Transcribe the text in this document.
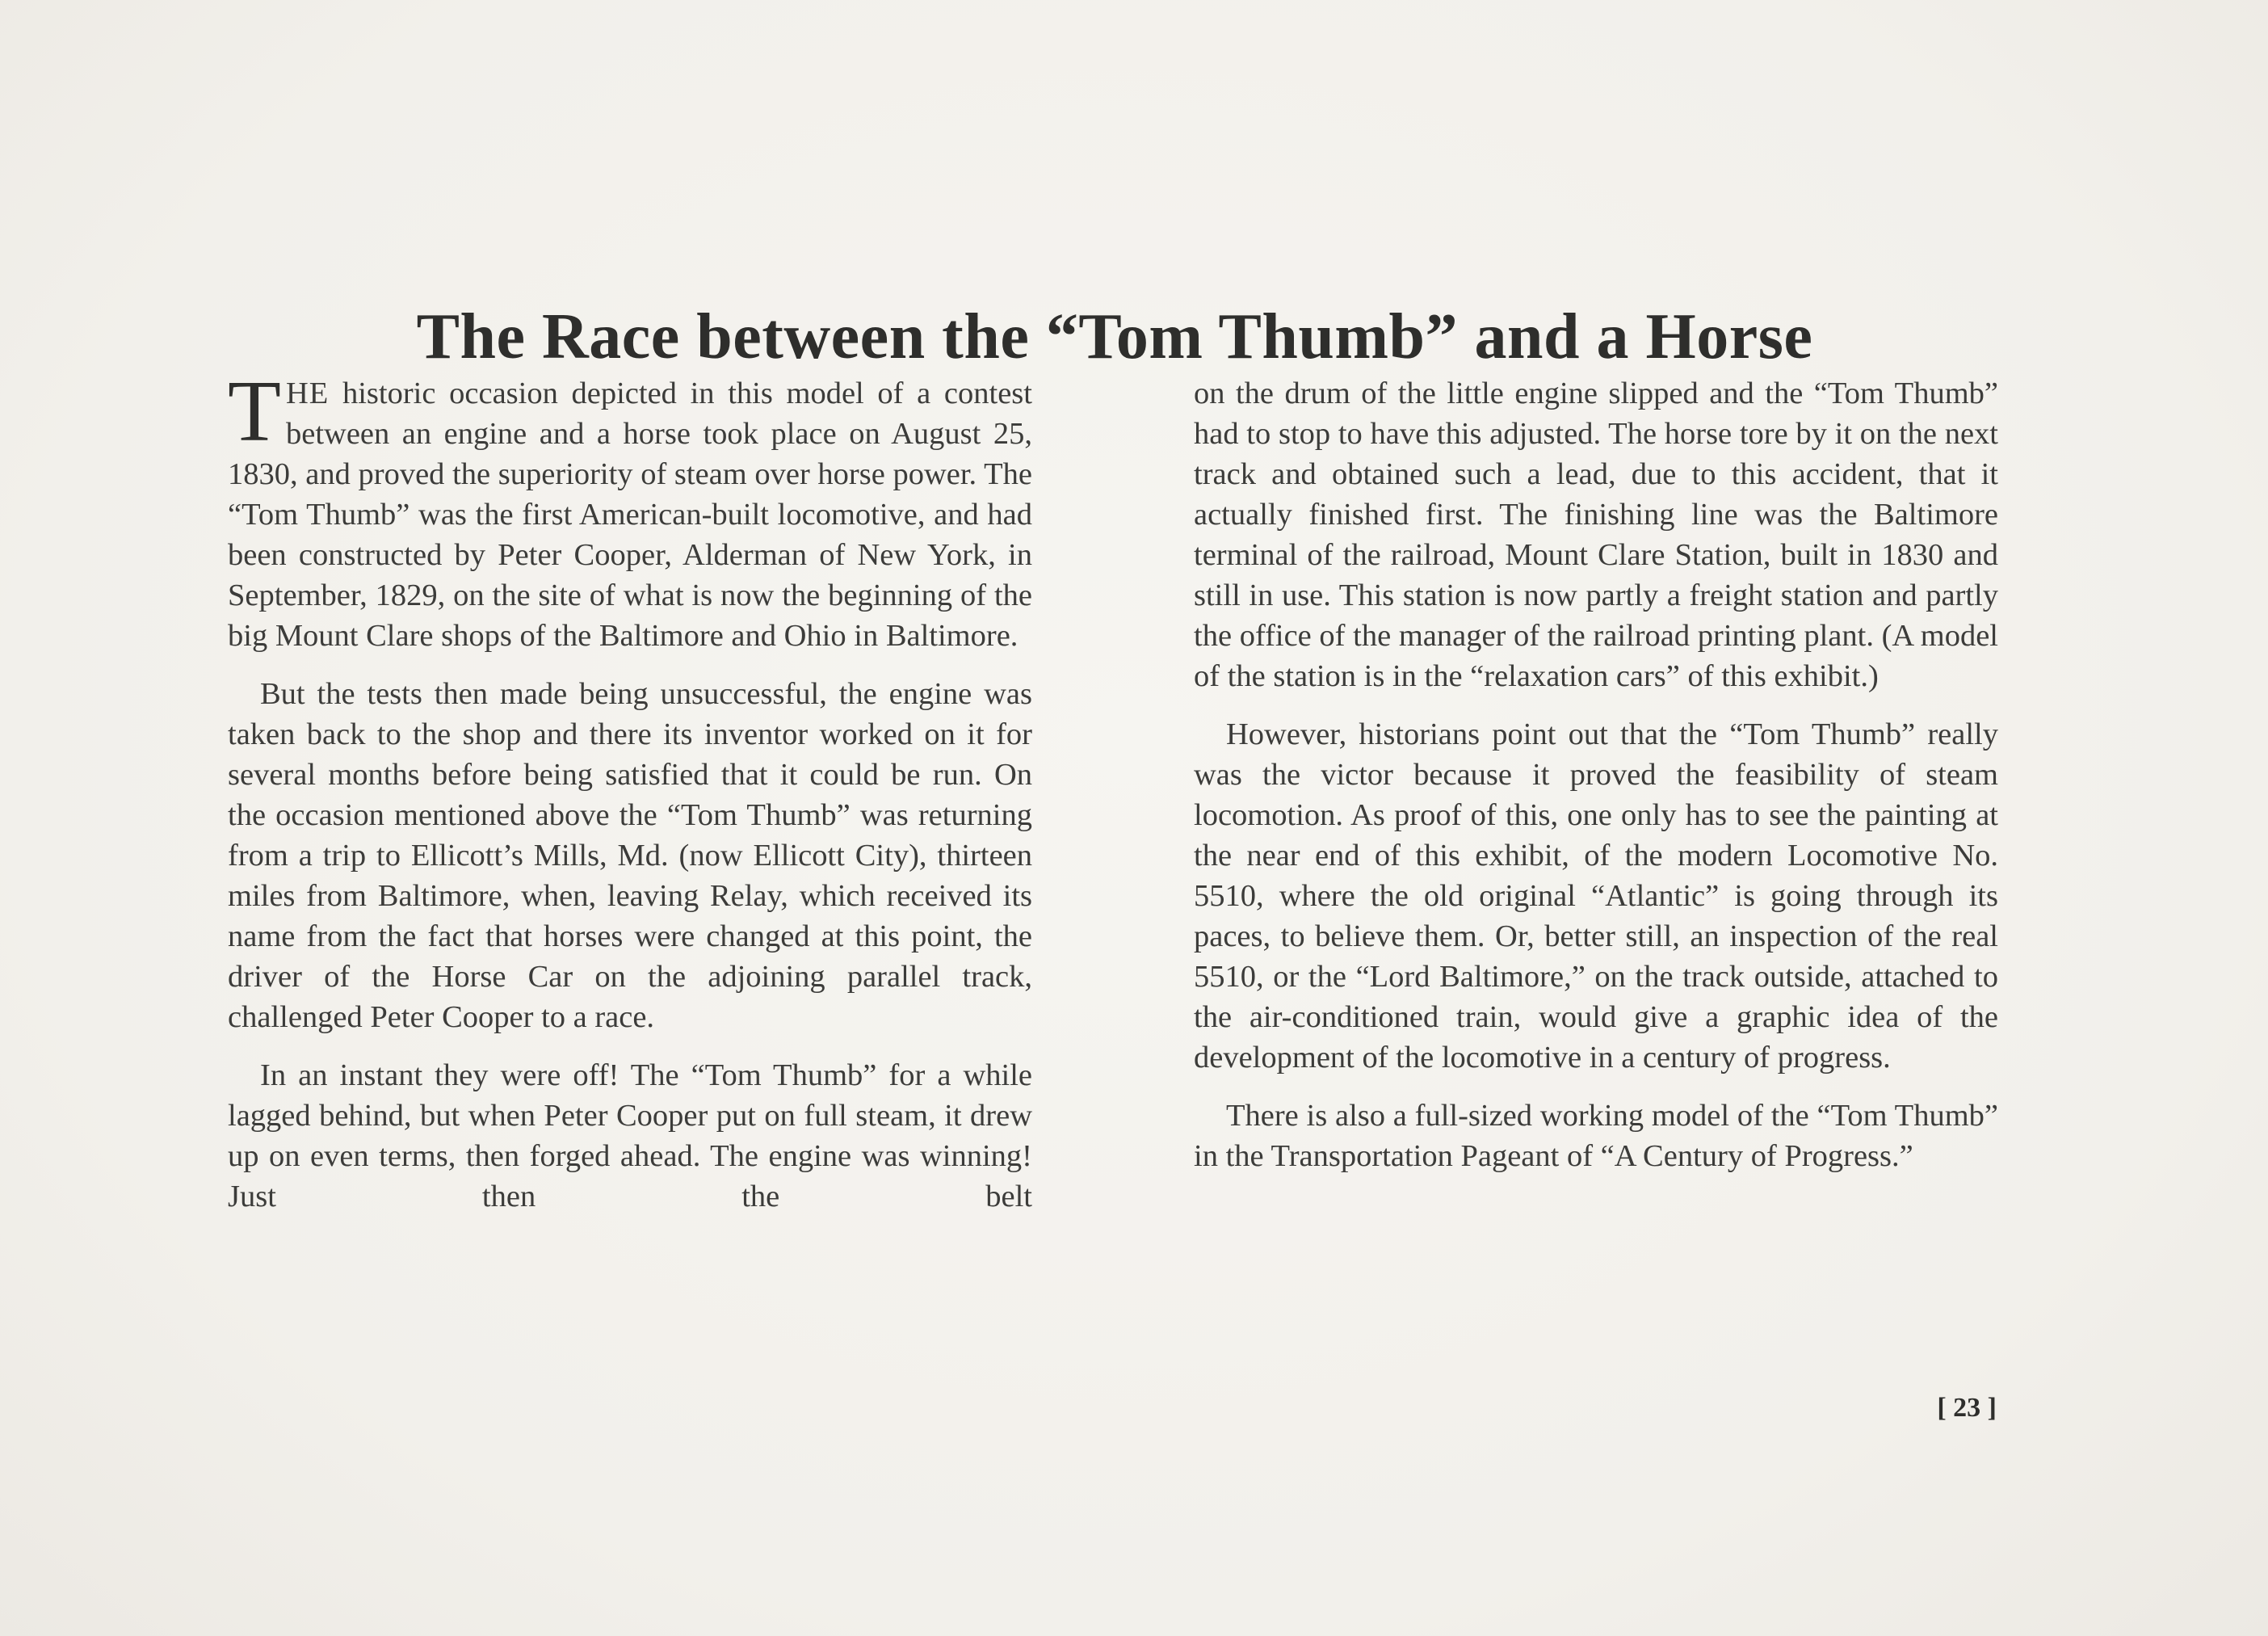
The Race between the “Tom Thumb” and a Horse

THE historic occasion depicted in this model of a contest between an engine and a horse took place on August 25, 1830, and proved the superiority of steam over horse power. The “Tom Thumb” was the first American-built locomotive, and had been constructed by Peter Cooper, Alderman of New York, in September, 1829, on the site of what is now the beginning of the big Mount Clare shops of the Baltimore and Ohio in Baltimore.

But the tests then made being unsuccessful, the engine was taken back to the shop and there its inventor worked on it for several months before being satisfied that it could be run. On the occasion mentioned above the “Tom Thumb” was returning from a trip to Ellicott’s Mills, Md. (now Ellicott City), thirteen miles from Baltimore, when, leaving Relay, which received its name from the fact that horses were changed at this point, the driver of the Horse Car on the adjoining parallel track, challenged Peter Cooper to a race.

In an instant they were off! The “Tom Thumb” for a while lagged behind, but when Peter Cooper put on full steam, it drew up on even terms, then forged ahead. The engine was winning! Just then the belt

on the drum of the little engine slipped and the “Tom Thumb” had to stop to have this adjusted. The horse tore by it on the next track and obtained such a lead, due to this accident, that it actually finished first. The finishing line was the Baltimore terminal of the railroad, Mount Clare Station, built in 1830 and still in use. This station is now partly a freight station and partly the office of the manager of the railroad printing plant. (A model of the station is in the “relaxation cars” of this exhibit.)

However, historians point out that the “Tom Thumb” really was the victor because it proved the feasibility of steam locomotion. As proof of this, one only has to see the painting at the near end of this exhibit, of the modern Locomotive No. 5510, where the old original “Atlantic” is going through its paces, to believe them. Or, better still, an inspection of the real 5510, or the “Lord Baltimore,” on the track outside, attached to the air-conditioned train, would give a graphic idea of the development of the locomotive in a century of progress.

There is also a full-sized working model of the “Tom Thumb” in the Transportation Pageant of “A Century of Progress.”

[ 23 ]
